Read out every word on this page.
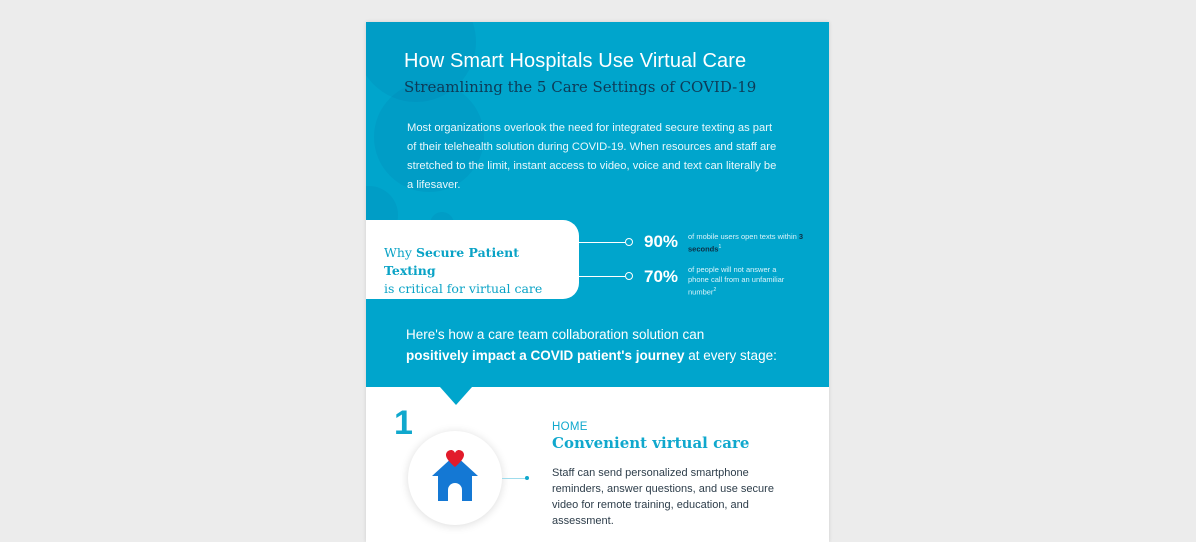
How Smart Hospitals Use Virtual Care
Streamlining the 5 Care Settings of COVID-19
Most organizations overlook the need for integrated secure texting as part of their telehealth solution during COVID-19. When resources and staff are stretched to the limit, instant access to video, voice and text can literally be a lifesaver.
Why Secure Patient Texting
is critical for virtual care
90% of mobile users open texts within 3 seconds$^1$
70% of people will not answer a phone call from an unfamiliar number$^2$
Here's how a care team collaboration solution can
positively impact a COVID patient's journey at every stage:
1	HOME
Convenient virtual care
Staff can send personalized smartphone reminders, answer questions, and use secure video for remote training, education, and assessment.
